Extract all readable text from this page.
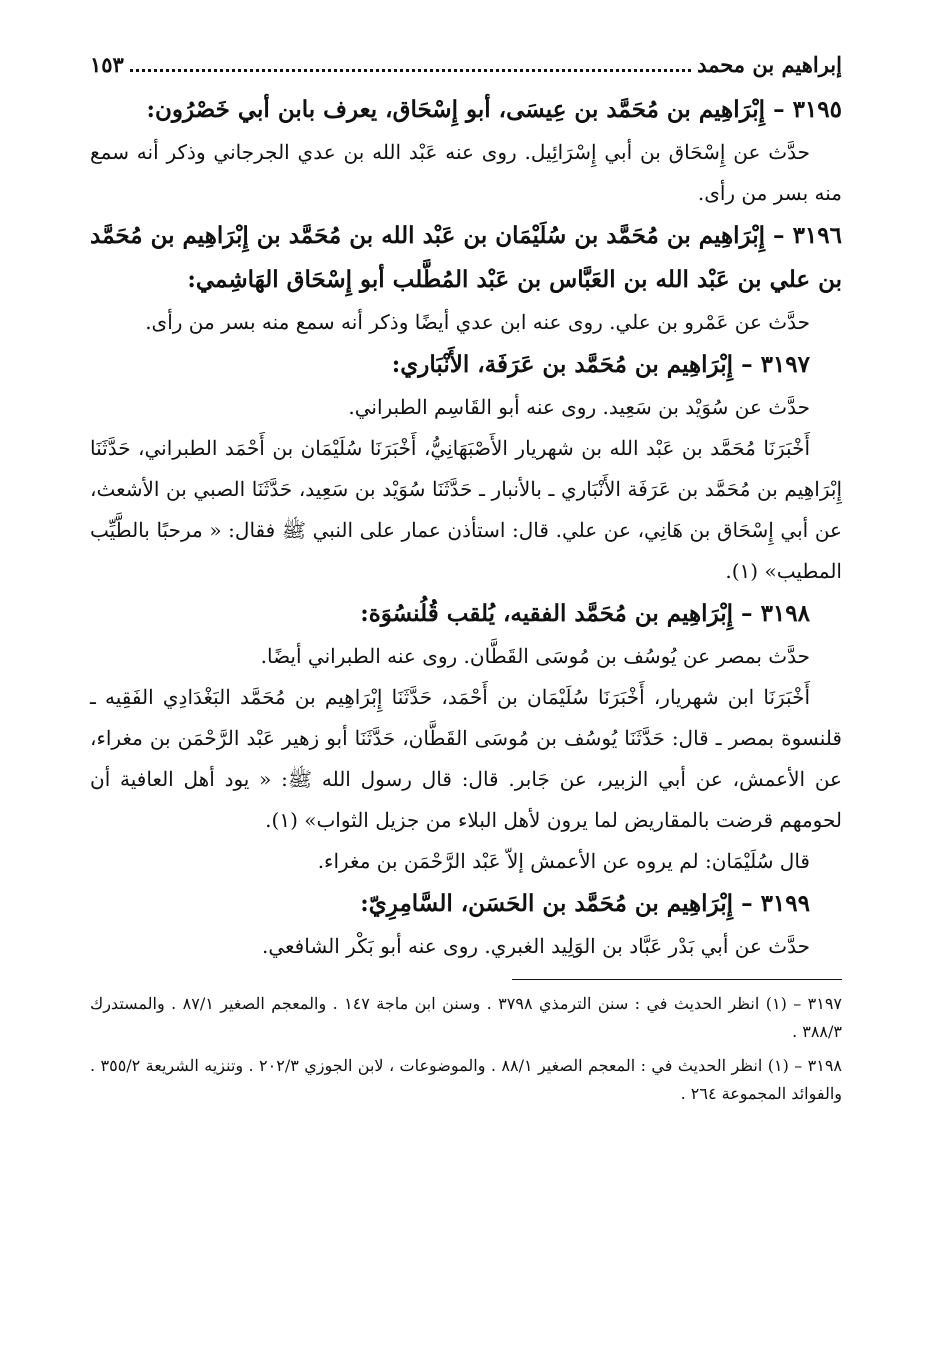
إبراهيم بن محمد
١٥٣

٣١٩٥ – إِبْرَاهِيم بن مُحَمَّد بن عِيسَى، أبو إِسْحَاق، يعرف بابن أبي خَصْرُون:

حدَّث عن إِسْحَاق بن أبي إِسْرَائِيل. روى عنه عَبْد الله بن عدي الجرجاني وذكر أنه سمع منه بسر من رأى.

٣١٩٦ – إِبْرَاهِيم بن مُحَمَّد بن سُلَيْمَان بن عَبْد الله بن مُحَمَّد بن إِبْرَاهِيم بن مُحَمَّد بن علي بن عَبْد الله بن العَبَّاس بن عَبْد المُطَّلب أبو إِسْحَاق الهَاشِمي:

حدَّث عن عَمْرو بن علي. روى عنه ابن عدي أيضًا وذكر أنه سمع منه بسر من رأى.

٣١٩٧ – إِبْرَاهِيم بن مُحَمَّد بن عَرَفَة، الأَنْبَاري:

حدَّث عن سُوَيْد بن سَعِيد. روى عنه أبو القَاسِم الطبراني.

أَخْبَرَنَا مُحَمَّد بن عَبْد الله بن شهريار الأَصْبَهَانِيُّ، أَخْبَرَنَا سُلَيْمَان بن أَحْمَد الطبراني، حَدَّثَنَا إِبْرَاهِيم بن مُحَمَّد بن عَرَفَة الأَنْبَاري ـ بالأنبار ـ حَدَّثَنَا سُوَيْد بن سَعِيد، حَدَّثَنَا الصبي بن الأشعث، عن أبي إِسْحَاق بن هَانِي، عن علي. قال: استأذن عمار على النبي ﷺ فقال: « مرحبًا بالطَّيِّب المطيب» (١).

٣١٩٨ – إِبْرَاهِيم بن مُحَمَّد الفقيه، يُلقب قُلُنسُوَة:

حدَّث بمصر عن يُوسُف بن مُوسَى القَطَّان. روى عنه الطبراني أيضًا.

أَخْبَرَنَا ابن شهريار، أَخْبَرَنَا سُلَيْمَان بن أَحْمَد، حَدَّثَنَا إِبْرَاهِيم بن مُحَمَّد البَغْدَادِي الفَقِيه ـ قلنسوة بمصر ـ قال: حَدَّثَنَا يُوسُف بن مُوسَى القَطَّان، حَدَّثَنَا أبو زهير عَبْد الرَّحْمَن بن مغراء، عن الأعمش، عن أبي الزبير، عن جَابر. قال: قال رسول الله ﷺ: « يود أهل العافية أن لحومهم قرضت بالمقاريض لما يرون لأهل البلاء من جزيل الثواب» (١).

قال سُلَيْمَان: لم يروه عن الأعمش إلاّ عَبْد الرَّحْمَن بن مغراء.

٣١٩٩ – إِبْرَاهِيم بن مُحَمَّد بن الحَسَن، السَّامِرِيّ:

حدَّث عن أبي بَدْر عَبَّاد بن الوَلِيد الغبري. روى عنه أبو بَكْر الشافعي.

٣١٩٧ – (١) انظر الحديث في : سنن الترمذي ٣٧٩٨ . وسنن ابن ماجة ١٤٧ . والمعجم الصغير ٨٧/١ . والمستدرك ٣٨٨/٣ .

٣١٩٨ – (١) انظر الحديث في : المعجم الصغير ٨٨/١ . والموضوعات ، لابن الجوزي ٢٠٢/٣ . وتنزيه الشريعة ٣٥٥/٢ . والفوائد المجموعة ٢٦٤ .
